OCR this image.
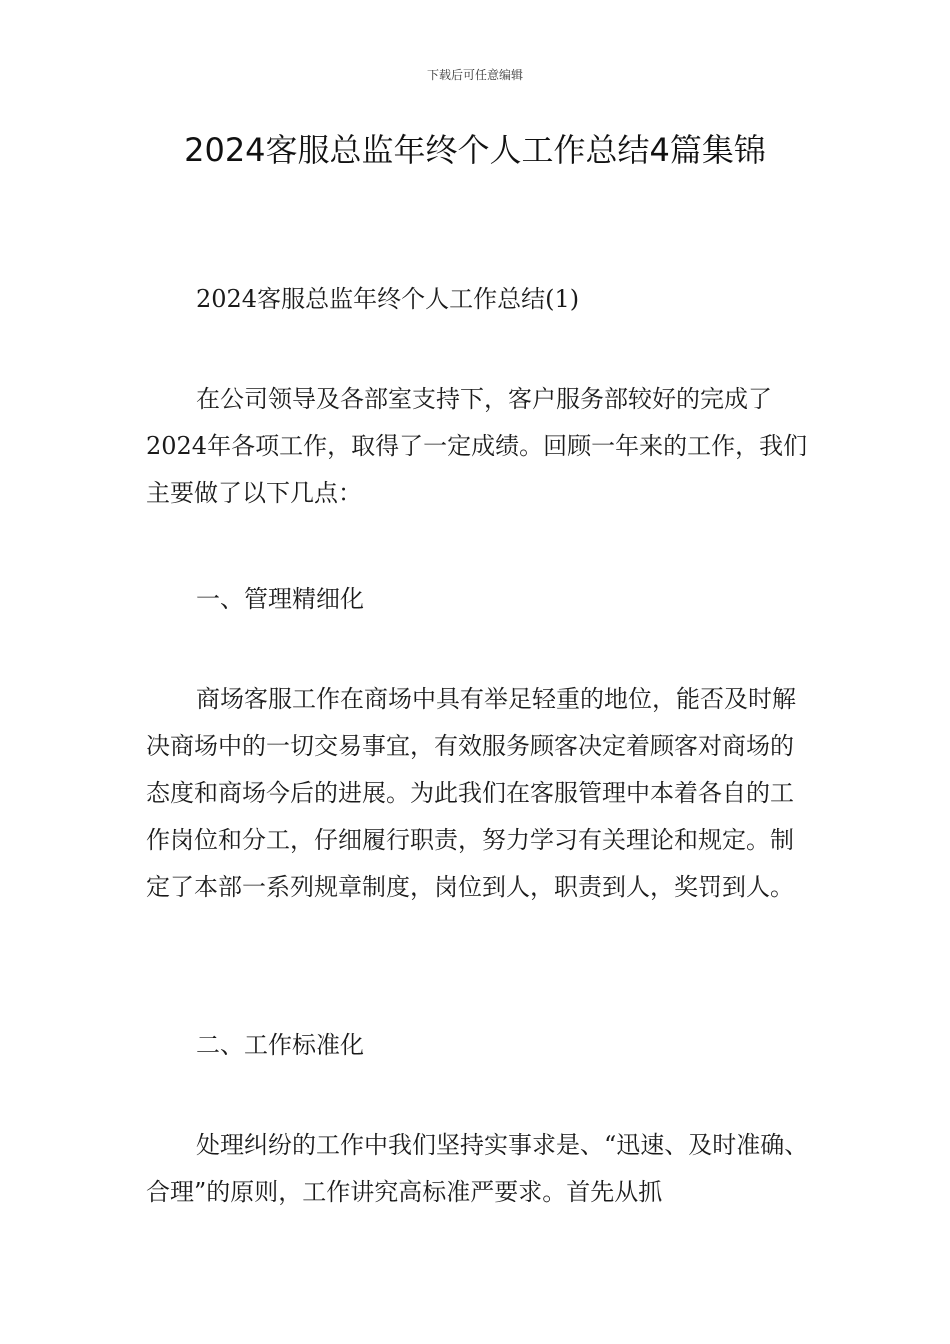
下载后可任意编辑
2024客服总监年终个人工作总结4篇集锦

2024客服总监年终个人工作总结(1)

在公司领导及各部室支持下，客户服务部较好的完成了2024年各项工作，取得了一定成绩。回顾一年来的工作，我们主要做了以下几点：

一、管理精细化

商场客服工作在商场中具有举足轻重的地位，能否及时解决商场中的一切交易事宜，有效服务顾客决定着顾客对商场的态度和商场今后的进展。为此我们在客服管理中本着各自的工作岗位和分工，仔细履行职责，努力学习有关理论和规定。制定了本部一系列规章制度，岗位到人，职责到人，奖罚到人。

二、工作标准化

处理纠纷的工作中我们坚持实事求是、“迅速、及时准确、合理”的原则，工作讲究高标准严要求。首先从抓
